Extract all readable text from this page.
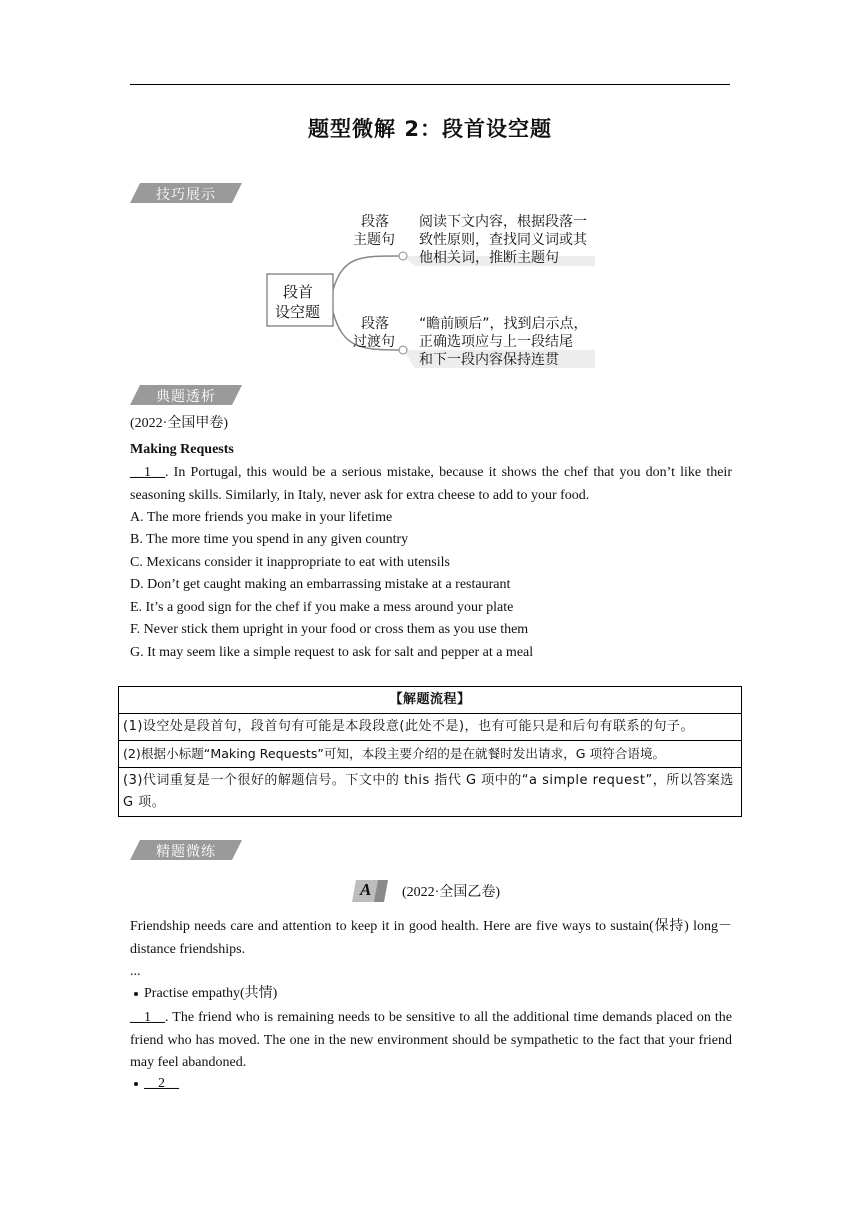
题型微解 2：段首设空题
技巧展示
段首
设空题
段落
主题句
阅读下文内容，根据段落一
致性原则，查找同义词或其
他相关词，推断主题句
段落
过渡句
“瞻前顾后”，找到启示点，
正确选项应与上一段结尾
和下一段内容保持连贯
典题透析
(2022·全国甲卷)
Making Requests
__1__. In Portugal, this would be a serious mistake, because it shows the chef that you don’t like their seasoning skills. Similarly, in Italy, never ask for extra cheese to add to your food.
A. The more friends you make in your lifetime
B. The more time you spend in any given country
C. Mexicans consider it inappropriate to eat with utensils
D. Don’t get caught making an embarrassing mistake at a restaurant
E. It’s a good sign for the chef if you make a mess around your plate
F. Never stick them upright in your food or cross them as you use them
G. It may seem like a simple request to ask for salt and pepper at a meal
【解题流程】
(1)设空处是段首句，段首句有可能是本段段意(此处不是)，也有可能只是和后句有联系的句子。
(2)根据小标题“Making Requests”可知，本段主要介绍的是在就餐时发出请求，G 项符合语境。
(3)代词重复是一个很好的解题信号。下文中的 this 指代 G 项中的“a simple request”，所以答案选 G 项。
精题微练
A (2022·全国乙卷)
Friendship needs care and attention to keep it in good health. Here are five ways to sustain(保持) long－distance friendships.
...
Practise empathy(共情)
__1__. The friend who is remaining needs to be sensitive to all the additional time demands placed on the friend who has moved. The one in the new environment should be sympathetic to the fact that your friend may feel abandoned.
__2__
